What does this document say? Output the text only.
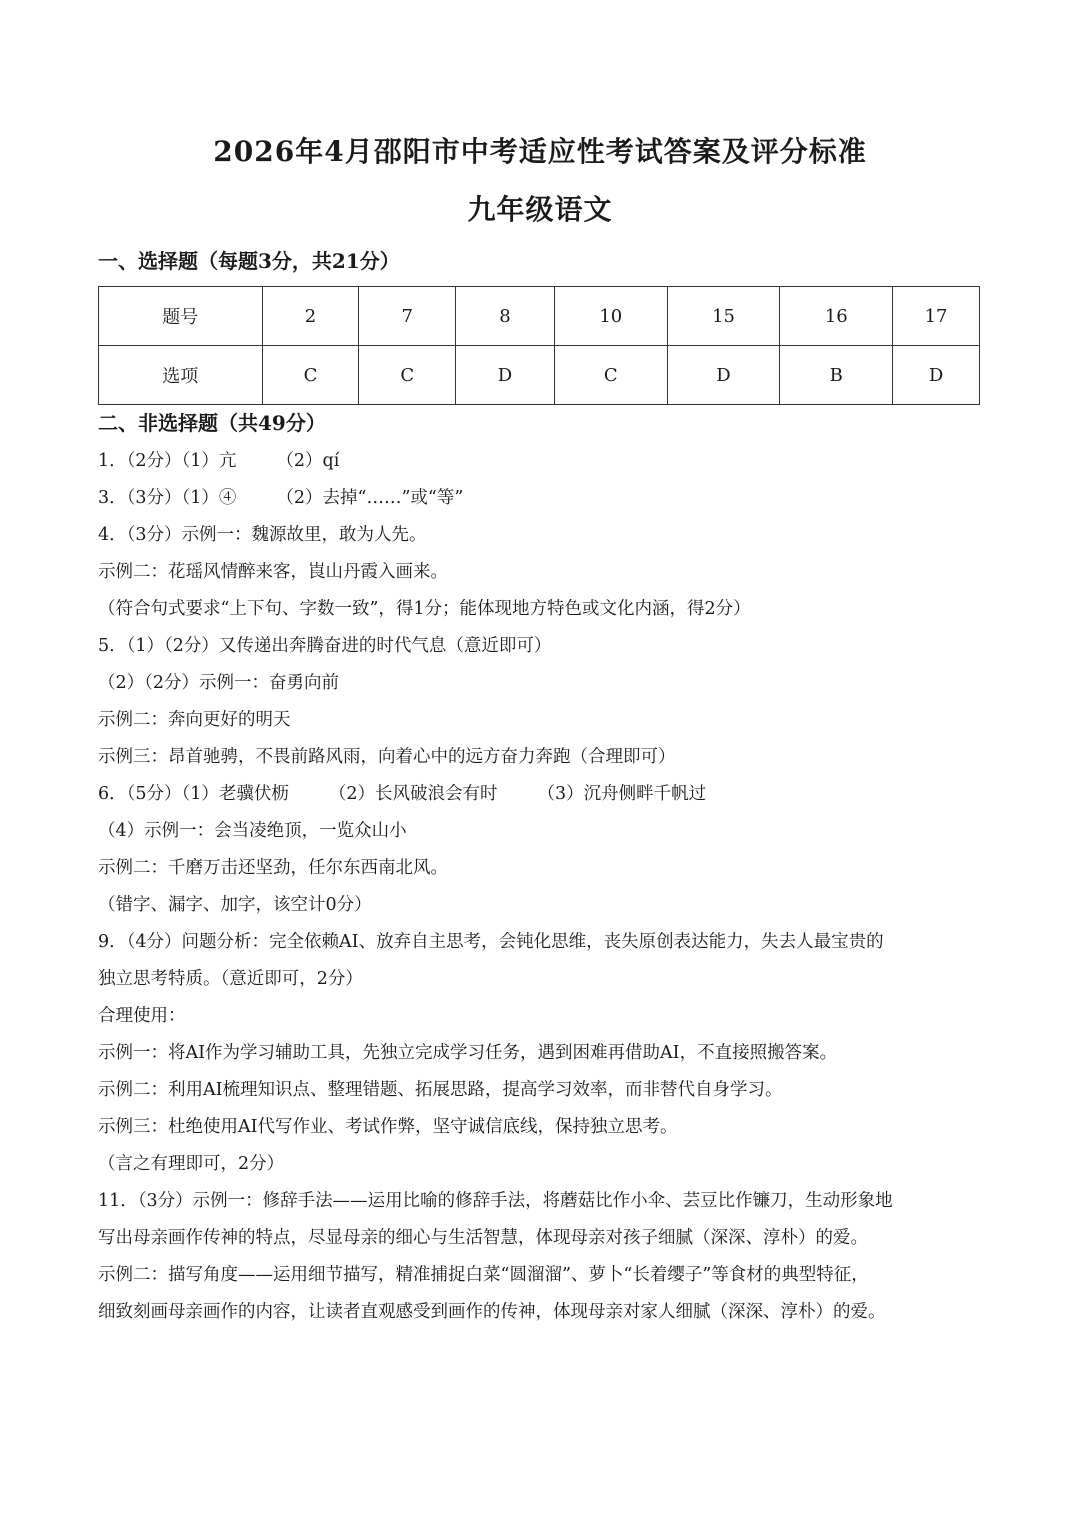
2026年4月邵阳市中考适应性考试答案及评分标准
九年级语文
一、选择题（每题3分，共21分）
题号	2	7	8	10	15	16	17
选项	C	C	D	C	D	B	D
二、非选择题（共49分）
1．（2分）（1）亢 （2）qí
3．（3分）（1）④ （2）去掉“……”或“等”
4．（3分）示例一：魏源故里，敢为人先。
示例二：花瑶风情醉来客，崀山丹霞入画来。
（符合句式要求“上下句、字数一致”，得1分；能体现地方特色或文化内涵，得2分）
5．（1）（2分）又传递出奔腾奋进的时代气息（意近即可）
（2）（2分）示例一：奋勇向前
示例二：奔向更好的明天
示例三：昂首驰骋，不畏前路风雨，向着心中的远方奋力奔跑（合理即可）
6．（5分）（1）老骥伏枥 （2）长风破浪会有时 （3）沉舟侧畔千帆过
（4）示例一：会当凌绝顶，一览众山小
示例二：千磨万击还坚劲，任尔东西南北风。
（错字、漏字、加字，该空计0分）
9．（4分）问题分析：完全依赖AI、放弃自主思考，会钝化思维，丧失原创表达能力，失去人最宝贵的
独立思考特质。（意近即可，2分）
合理使用：
示例一：将AI作为学习辅助工具，先独立完成学习任务，遇到困难再借助AI，不直接照搬答案。
示例二：利用AI梳理知识点、整理错题、拓展思路，提高学习效率，而非替代自身学习。
示例三：杜绝使用AI代写作业、考试作弊，坚守诚信底线，保持独立思考。
（言之有理即可，2分）
11．（3分）示例一：修辞手法——运用比喻的修辞手法，将蘑菇比作小伞、芸豆比作镰刀，生动形象地
写出母亲画作传神的特点，尽显母亲的细心与生活智慧，体现母亲对孩子细腻（深深、淳朴）的爱。
示例二：描写角度——运用细节描写，精准捕捉白菜“圆溜溜”、萝卜“长着缨子”等食材的典型特征，
细致刻画母亲画作的内容，让读者直观感受到画作的传神，体现母亲对家人细腻（深深、淳朴）的爱。
